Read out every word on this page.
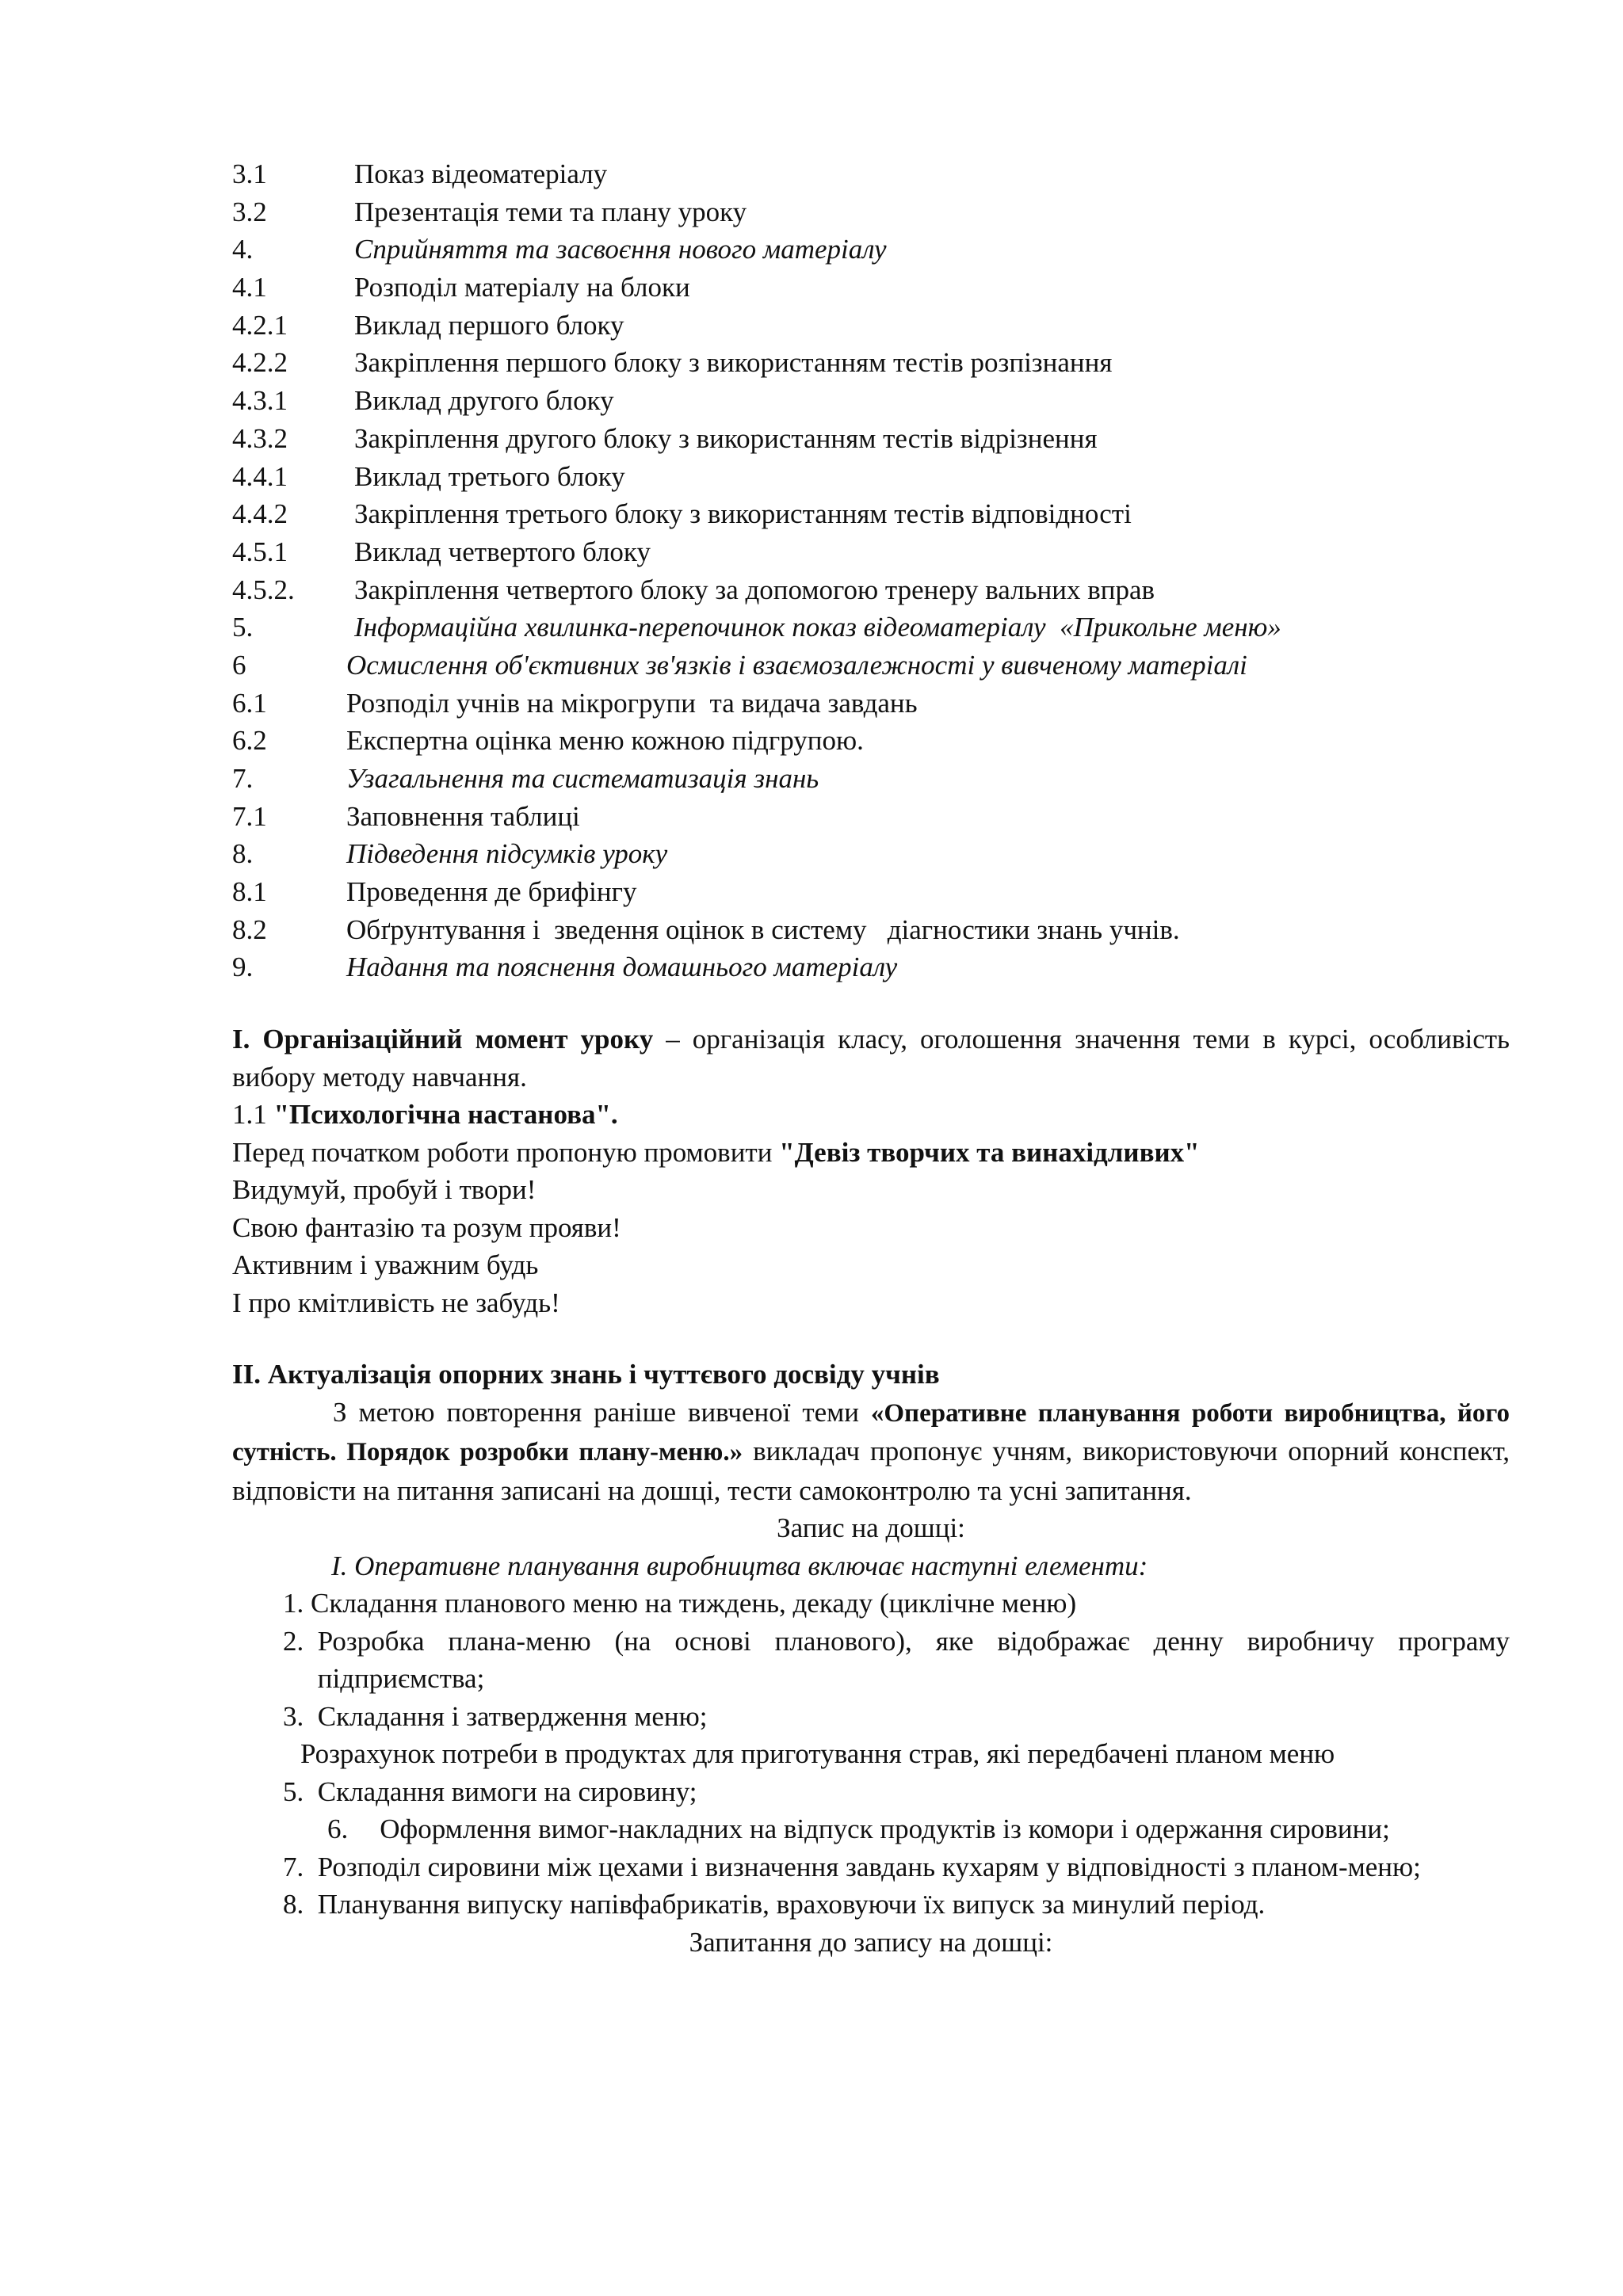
3.1	Показ відеоматеріалу
3.2	Презентація теми та плану уроку
4.	Сприйняття та засвоєння нового матеріалу
4.1	Розподіл матеріалу на блоки
4.2.1	Виклад першого блоку
4.2.2	Закріплення першого блоку з використанням тестів розпізнання
4.3.1	Виклад другого блоку
4.3.2	Закріплення другого блоку з використанням тестів відрізнення
4.4.1	Виклад третього блоку
4.4.2	Закріплення третього блоку з використанням тестів відповідності
4.5.1	Виклад четвертого блоку
4.5.2.	Закріплення четвертого блоку за допомогою тренеру вальних вправ
5.	Інформаційна хвилинка-перепочинок показ відеоматеріалу  «Прикольне меню»
6	Осмислення об'єктивних зв'язків і взаємозалежності у вивченому матеріалі
6.1	Розподіл учнів на мікрогрупи  та видача завдань
6.2	Експертна оцінка меню кожною підгрупою.
7.	Узагальнення та систематизація знань
7.1	Заповнення таблиці
8.	Підведення підсумків уроку
8.1	Проведення де брифінгу
8.2	Обґрунтування і  зведення оцінок в систему   діагностики знань учнів.
9.	Надання та пояснення домашнього матеріалу
І. Організаційний момент уроку – організація класу, оголошення значення теми в курсі, особливість вибору методу навчання.
1.1 "Психологічна настанова".
Перед початком роботи пропоную промовити "Девіз творчих та винахідливих"
Видумуй, пробуй і твори!
Свою фантазію та розум прояви!
Активним і уважним будь
І про кмітливість не забудь!
ІІ. Актуалізація опорних знань і чуттєвого досвіду учнів
З метою повторення раніше вивченої теми «Оперативне планування роботи виробництва, його сутність. Порядок розробки плану-меню.» викладач пропонує учням, використовуючи опорний конспект, відповісти на питання записані на дошці, тести самоконтролю та усні запитання.
Запис на дошці:
І. Оперативне планування виробництва включає наступні елементи:
1. Складання планового меню на тиждень, декаду (циклічне меню)
2. Розробка плана-меню (на основі планового), яке відображає денну виробничу програму підприємства;
3. Складання і затвердження меню;
Розрахунок потреби в продуктах для приготування страв, які передбачені планом меню
5. Складання вимоги на сировину;
6. Оформлення вимог-накладних на відпуск продуктів із комори і одержання сировини;
7. Розподіл сировини між цехами і визначення завдань кухарям у відповідності з планом-меню;
8. Планування випуску напівфабрикатів, враховуючи їх випуск за минулий період.
Запитання до запису на дошці:
